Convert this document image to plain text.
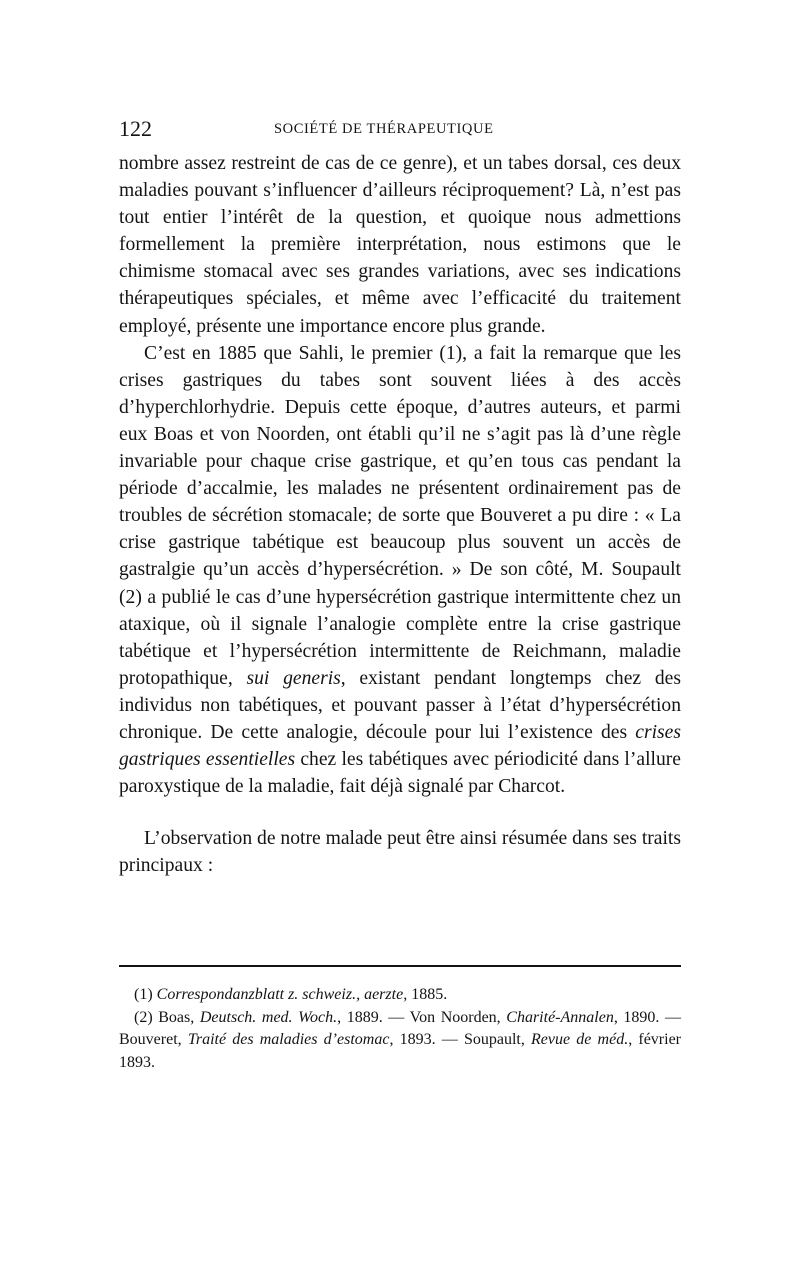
122	SOCIÉTÉ DE THÉRAPEUTIQUE

nombre assez restreint de cas de ce genre), et un tabes dorsal, ces deux maladies pouvant s’influencer d’ailleurs réciproquement? Là, n’est pas tout entier l’intérêt de la question, et quoique nous admettions formellement la première interprétation, nous estimons que le chimisme stomacal avec ses grandes variations, avec ses indications thérapeutiques spéciales, et même avec l’efficacité du traitement employé, présente une importance encore plus grande.

C’est en 1885 que Sahli, le premier (1), a fait la remarque que les crises gastriques du tabes sont souvent liées à des accès d’hyperchlorhydrie. Depuis cette époque, d’autres auteurs, et parmi eux Boas et von Noorden, ont établi qu’il ne s’agit pas là d’une règle invariable pour chaque crise gastrique, et qu’en tous cas pendant la période d’accalmie, les malades ne présentent ordinairement pas de troubles de sécrétion stomacale; de sorte que Bouveret a pu dire : « La crise gastrique tabétique est beaucoup plus souvent un accès de gastralgie qu’un accès d’hypersécrétion. » De son côté, M. Soupault (2) a publié le cas d’une hypersécrétion gastrique intermittente chez un ataxique, où il signale l’analogie complète entre la crise gastrique tabétique et l’hypersécrétion intermittente de Reichmann, maladie protopathique, sui generis, existant pendant longtemps chez des individus non tabétiques, et pouvant passer à l’état d’hypersécrétion chronique. De cette analogie, découle pour lui l’existence des crises gastriques essentielles chez les tabétiques avec périodicité dans l’allure paroxystique de la maladie, fait déjà signalé par Charcot.

L’observation de notre malade peut être ainsi résumée dans ses traits principaux :

(1) Correspondanzblatt z. schweiz., aerzte, 1885.

(2) Boas, Deutsch. med. Woch., 1889. — Von Noorden, Charité-Annalen, 1890. — Bouveret, Traité des maladies d’estomac, 1893. — Soupault, Revue de méd., février 1893.
